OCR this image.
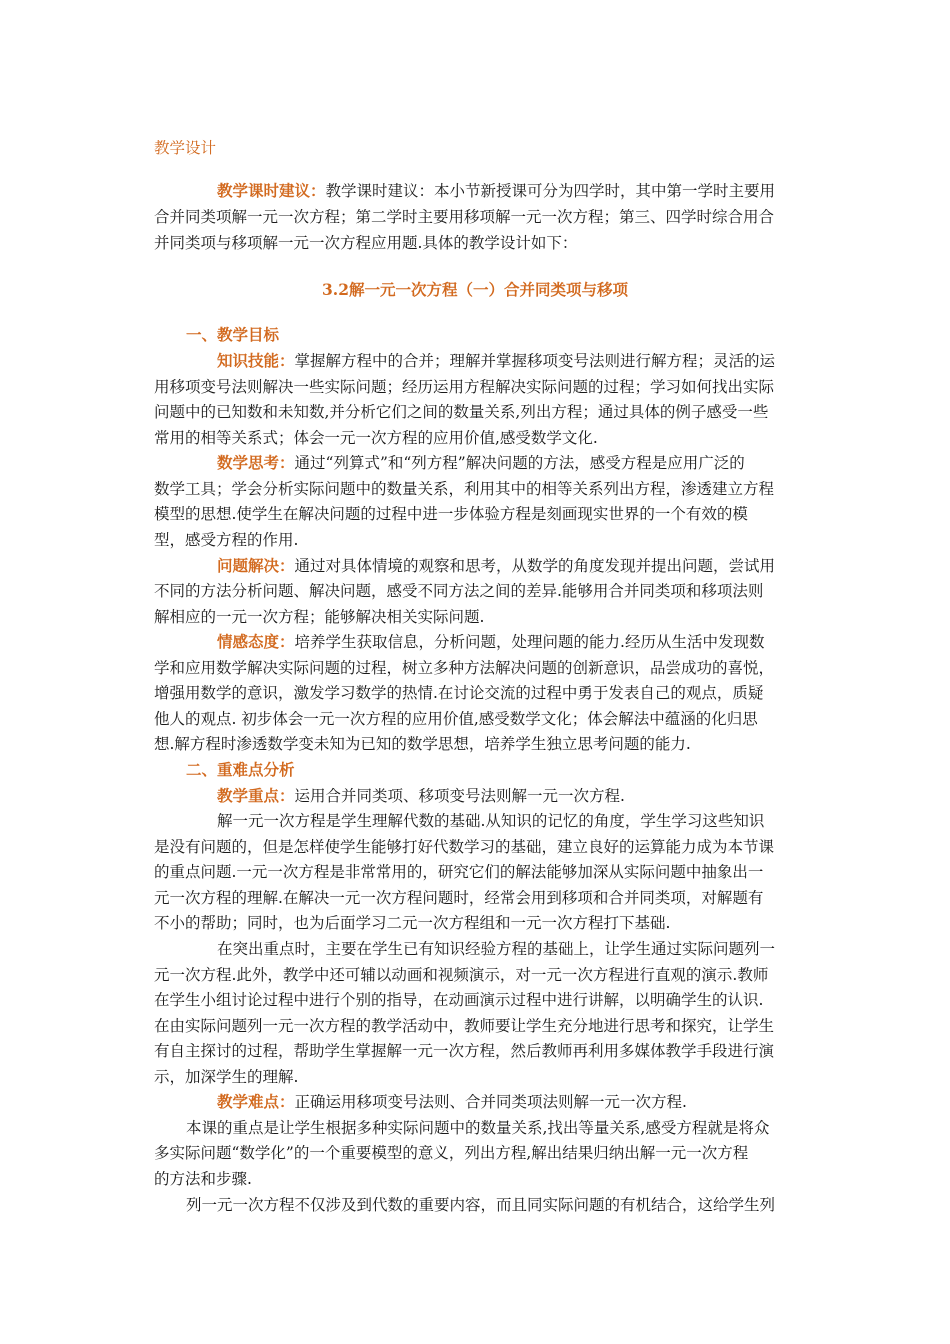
教学设计
教学课时建议：教学课时建议：本小节新授课可分为四学时，其中第一学时主要用
合并同类项解一元一次方程；第二学时主要用移项解一元一次方程；第三、四学时综合用合
并同类项与移项解一元一次方程应用题.具体的教学设计如下：
3.2解一元一次方程（一）合并同类项与移项
一、教学目标
知识技能：掌握解方程中的合并；理解并掌握移项变号法则进行解方程；灵活的运
用移项变号法则解决一些实际问题；经历运用方程解决实际问题的过程；学习如何找出实际
问题中的已知数和未知数,并分析它们之间的数量关系,列出方程；通过具体的例子感受一些
常用的相等关系式；体会一元一次方程的应用价值,感受数学文化.
数学思考：通过“列算式”和“列方程”解决问题的方法，感受方程是应用广泛的
数学工具；学会分析实际问题中的数量关系，利用其中的相等关系列出方程，渗透建立方程
模型的思想.使学生在解决问题的过程中进一步体验方程是刻画现实世界的一个有效的模
型，感受方程的作用.
问题解决：通过对具体情境的观察和思考，从数学的角度发现并提出问题，尝试用
不同的方法分析问题、解决问题，感受不同方法之间的差异.能够用合并同类项和移项法则
解相应的一元一次方程；能够解决相关实际问题.
情感态度：培养学生获取信息，分析问题，处理问题的能力.经历从生活中发现数
学和应用数学解决实际问题的过程，树立多种方法解决问题的创新意识，品尝成功的喜悦，
增强用数学的意识，激发学习数学的热情.在讨论交流的过程中勇于发表自己的观点，质疑
他人的观点. 初步体会一元一次方程的应用价值,感受数学文化；体会解法中蕴涵的化归思
想.解方程时渗透数学变未知为已知的数学思想，培养学生独立思考问题的能力.
二、重难点分析
教学重点：运用合并同类项、移项变号法则解一元一次方程.
解一元一次方程是学生理解代数的基础.从知识的记忆的角度，学生学习这些知识
是没有问题的，但是怎样使学生能够打好代数学习的基础，建立良好的运算能力成为本节课
的重点问题.一元一次方程是非常常用的，研究它们的解法能够加深从实际问题中抽象出一
元一次方程的理解.在解决一元一次方程问题时，经常会用到移项和合并同类项，对解题有
不小的帮助；同时，也为后面学习二元一次方程组和一元一次方程打下基础.
在突出重点时，主要在学生已有知识经验方程的基础上，让学生通过实际问题列一
元一次方程.此外，教学中还可辅以动画和视频演示，对一元一次方程进行直观的演示.教师
在学生小组讨论过程中进行个别的指导，在动画演示过程中进行讲解，以明确学生的认识.
在由实际问题列一元一次方程的教学活动中，教师要让学生充分地进行思考和探究，让学生
有自主探讨的过程，帮助学生掌握解一元一次方程，然后教师再利用多媒体教学手段进行演
示，加深学生的理解.
教学难点：正确运用移项变号法则、合并同类项法则解一元一次方程.
本课的重点是让学生根据多种实际问题中的数量关系,找出等量关系,感受方程就是将众
多实际问题“数学化”的一个重要模型的意义，列出方程,解出结果归纳出解一元一次方程
的方法和步骤.
列一元一次方程不仅涉及到代数的重要内容，而且同实际问题的有机结合，这给学生列
